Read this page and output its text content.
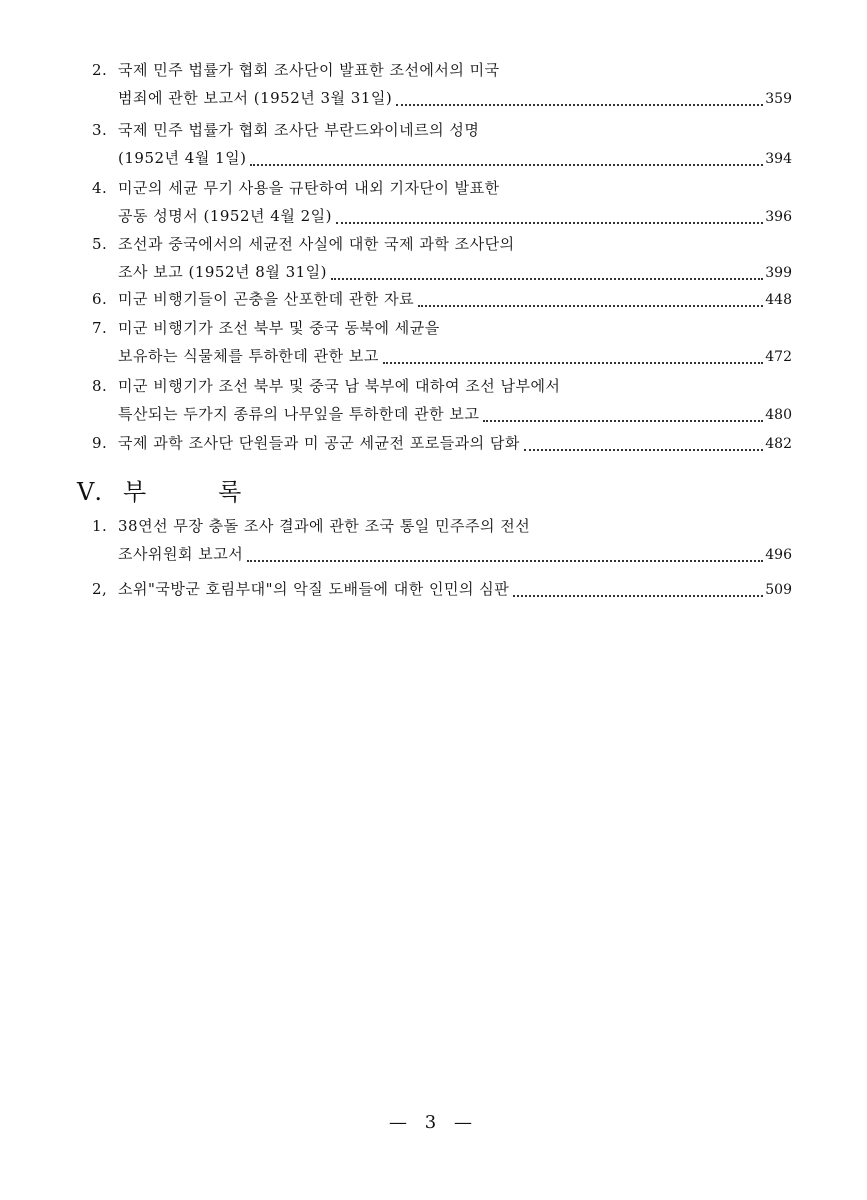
2. 국제 민주 법률가 협회 조사단이 발표한 조선에서의 미국
범죄에 관한 보고서 (1952년 3월 31일)	359
3. 국제 민주 법률가 협회 조사단 부란드와이네르의 성명
(1952년 4월 1일)	394
4. 미군의 세균 무기 사용을 규탄하여 내외 기자단이 발표한
공동 성명서 (1952년 4월 2일)	396
5. 조선과 중국에서의 세균전 사실에 대한 국제 과학 조사단의
조사 보고 (1952년 8월 31일)	399
6. 미군 비행기들이 곤충을 산포한데 관한 자료	448
7. 미군 비행기가 조선 북부 및 중국 동북에 세균을
보유하는 식물체를 투하한데 관한 보고	472
8. 미군 비행기가 조선 북부 및 중국 남 북부에 대하여 조선 남부에서
특산되는 두가지 종류의 나무잎을 투하한데 관한 보고	480
9. 국제 과학 조사단 단원들과 미 공군 세균전 포로들과의 담화	482
Ⅴ. 부록
1. 38연선 무장 충돌 조사 결과에 관한 조국 통일 민주주의 전선
조사위원회 보고서	496
2, 소위"국방군 호림부대"의 악질 도배들에 대한 인민의 심판	509
— 3 —
